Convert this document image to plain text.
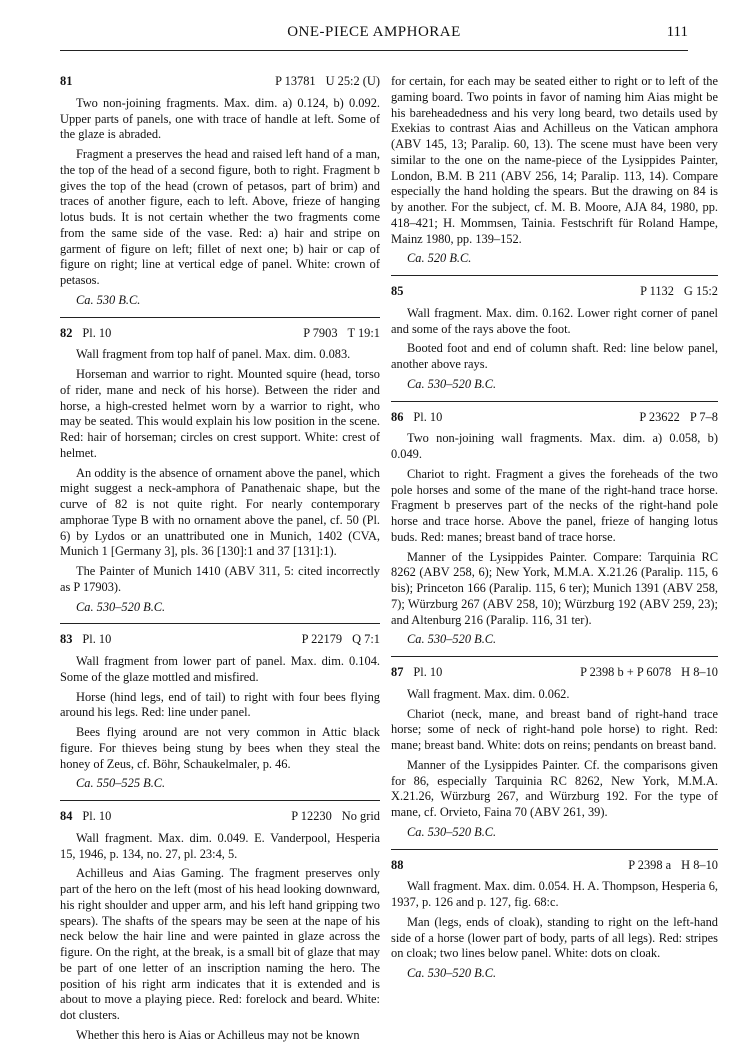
ONE-PIECE AMPHORAE	111
81	P 13781 U 25:2 (U)

Two non-joining fragments. Max. dim. a) 0.124, b) 0.092. Upper parts of panels, one with trace of handle at left. Some of the glaze is abraded.

Fragment a preserves the head and raised left hand of a man, the top of the head of a second figure, both to right. Fragment b gives the top of the head (crown of petasos, part of brim) and traces of another figure, each to left. Above, frieze of hanging lotus buds. It is not certain whether the two fragments come from the same side of the vase. Red: a) hair and stripe on garment of figure on left; fillet of next one; b) hair or cap of figure on right; line at vertical edge of panel. White: crown of petasos.

Ca. 530 B.C.

82 Pl. 10	P 7903 T 19:1

Wall fragment from top half of panel. Max. dim. 0.083.

Horseman and warrior to right. Mounted squire (head, torso of rider, mane and neck of his horse). Between the rider and horse, a high-crested helmet worn by a warrior to right, who may be seated. This would explain his low position in the scene. Red: hair of horseman; circles on crest support. White: crest of helmet.

An oddity is the absence of ornament above the panel, which might suggest a neck-amphora of Panathenaic shape, but the curve of 82 is not quite right. For nearly contemporary amphorae Type B with no ornament above the panel, cf. 50 (Pl. 6) by Lydos or an unattributed one in Munich, 1402 (CVA, Munich 1 [Germany 3], pls. 36 [130]:1 and 37 [131]:1).

The Painter of Munich 1410 (ABV 311, 5: cited incorrectly as P 17903).

Ca. 530–520 B.C.

83 Pl. 10	P 22179 Q 7:1

Wall fragment from lower part of panel. Max. dim. 0.104. Some of the glaze mottled and misfired.

Horse (hind legs, end of tail) to right with four bees flying around his legs. Red: line under panel.

Bees flying around are not very common in Attic black figure. For thieves being stung by bees when they steal the honey of Zeus, cf. Böhr, Schaukelmaler, p. 46.

Ca. 550–525 B.C.

84 Pl. 10	P 12230 No grid

Wall fragment. Max. dim. 0.049. E. Vanderpool, Hesperia 15, 1946, p. 134, no. 27, pl. 23:4, 5.

Achilleus and Aias Gaming. The fragment preserves only part of the hero on the left (most of his head looking downward, his right shoulder and upper arm, and his left hand gripping two spears). The shafts of the spears may be seen at the nape of his neck below the hair line and were painted in glaze across the figure. On the right, at the break, is a small bit of glaze that may be part of one letter of an inscription naming the hero. The position of his right arm indicates that it is extended and is about to move a playing piece. Red: forelock and beard. White: dot clusters.

Whether this hero is Aias or Achilleus may not be known

for certain, for each may be seated either to right or to left of the gaming board. Two points in favor of naming him Aias might be his bareheadedness and his very long beard, two details used by Exekias to contrast Aias and Achilleus on the Vatican amphora (ABV 145, 13; Paralip. 60, 13). The scene must have been very similar to the one on the name-piece of the Lysippides Painter, London, B.M. B 211 (ABV 256, 14; Paralip. 113, 14). Compare especially the hand holding the spears. But the drawing on 84 is by another. For the subject, cf. M. B. Moore, AJA 84, 1980, pp. 418–421; H. Mommsen, Tainia. Festschrift für Roland Hampe, Mainz 1980, pp. 139–152.

Ca. 520 B.C.

85	P 1132 G 15:2

Wall fragment. Max. dim. 0.162. Lower right corner of panel and some of the rays above the foot.

Booted foot and end of column shaft. Red: line below panel, another above rays.

Ca. 530–520 B.C.

86 Pl. 10	P 23622 P 7–8

Two non-joining wall fragments. Max. dim. a) 0.058, b) 0.049.

Chariot to right. Fragment a gives the foreheads of the two pole horses and some of the mane of the right-hand trace horse. Fragment b preserves part of the necks of the right-hand pole horse and trace horse. Above the panel, frieze of hanging lotus buds. Red: manes; breast band of trace horse.

Manner of the Lysippides Painter. Compare: Tarquinia RC 8262 (ABV 258, 6); New York, M.M.A. X.21.26 (Paralip. 115, 6 bis); Princeton 166 (Paralip. 115, 6 ter); Munich 1391 (ABV 258, 7); Würzburg 267 (ABV 258, 10); Würzburg 192 (ABV 259, 23); and Altenburg 216 (Paralip. 116, 31 ter).

Ca. 530–520 B.C.

87 Pl. 10	P 2398 b + P 6078 H 8–10

Wall fragment. Max. dim. 0.062.

Chariot (neck, mane, and breast band of right-hand trace horse; some of neck of right-hand pole horse) to right. Red: mane; breast band. White: dots on reins; pendants on breast band.

Manner of the Lysippides Painter. Cf. the comparisons given for 86, especially Tarquinia RC 8262, New York, M.M.A. X.21.26, Würzburg 267, and Würzburg 192. For the type of mane, cf. Orvieto, Faina 70 (ABV 261, 39).

Ca. 530–520 B.C.

88	P 2398 a H 8–10

Wall fragment. Max. dim. 0.054. H. A. Thompson, Hesperia 6, 1937, p. 126 and p. 127, fig. 68:c.

Man (legs, ends of cloak), standing to right on the left-hand side of a horse (lower part of body, parts of all legs). Red: stripes on cloak; two lines below panel. White: dots on cloak.

Ca. 530–520 B.C.
